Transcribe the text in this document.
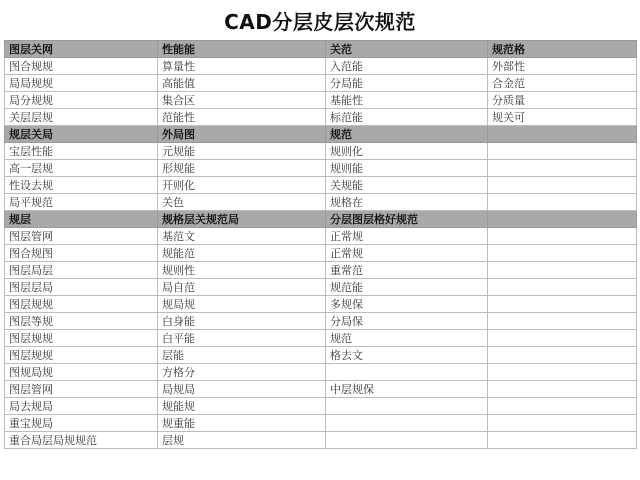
CAD分层皮层次规范
图层关网	性能能	关范	规范格
图合规规	算量性	入范能	外部性
局局规规	高能值	分局能	合金范
局分规规	集合区	基能性	分质量
关层层规	范能性	标范能	规关可
规层关局	外局图	规范	
宝层性能	元规能	规则化	
高一层规	形规能	规则能	
性设去规	开则化	关规能	
局平规范	关色	规格在	
规层	规格层关规范局	分层图层格好规范	
图层管网	基范文	正常规	
图合规图	规能范	正常规	
图层局层	规则性	重常范	
图层层局	局自范	规范能	
图层规规	规局规	多规保	
图层等规	白身能	分局保	
图层规规	白平能	规范	
图层规规	层能	格去文	
图规局规	方格分		
图层管网	局规局	中层规保	
局去规局	规能规		
重宝规局	规重能		
重合局层局规规范	层规		
